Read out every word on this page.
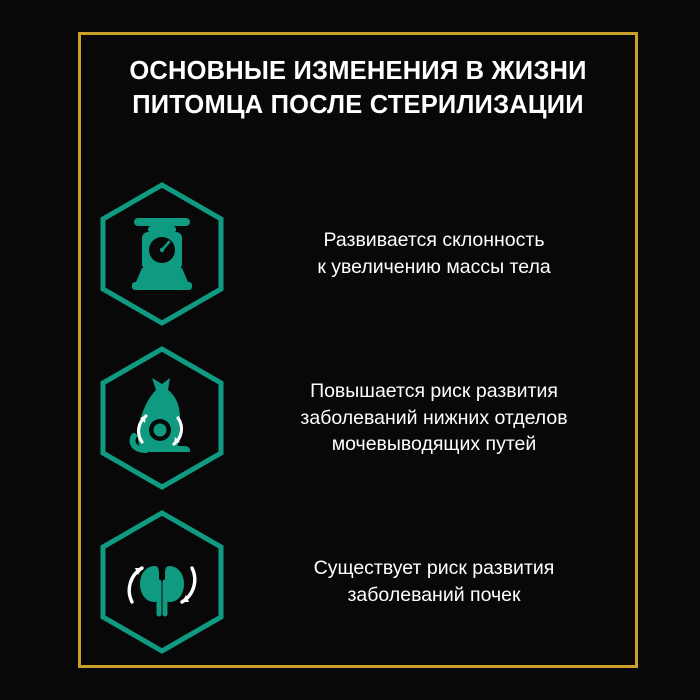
ОСНОВНЫЕ ИЗМЕНЕНИЯ В ЖИЗНИ
ПИТОМЦА ПОСЛЕ СТЕРИЛИЗАЦИИ
Развивается склонность
к увеличению массы тела
Повышается риск развития
заболеваний нижних отделов
мочевыводящих путей
Существует риск развития
заболеваний почек
